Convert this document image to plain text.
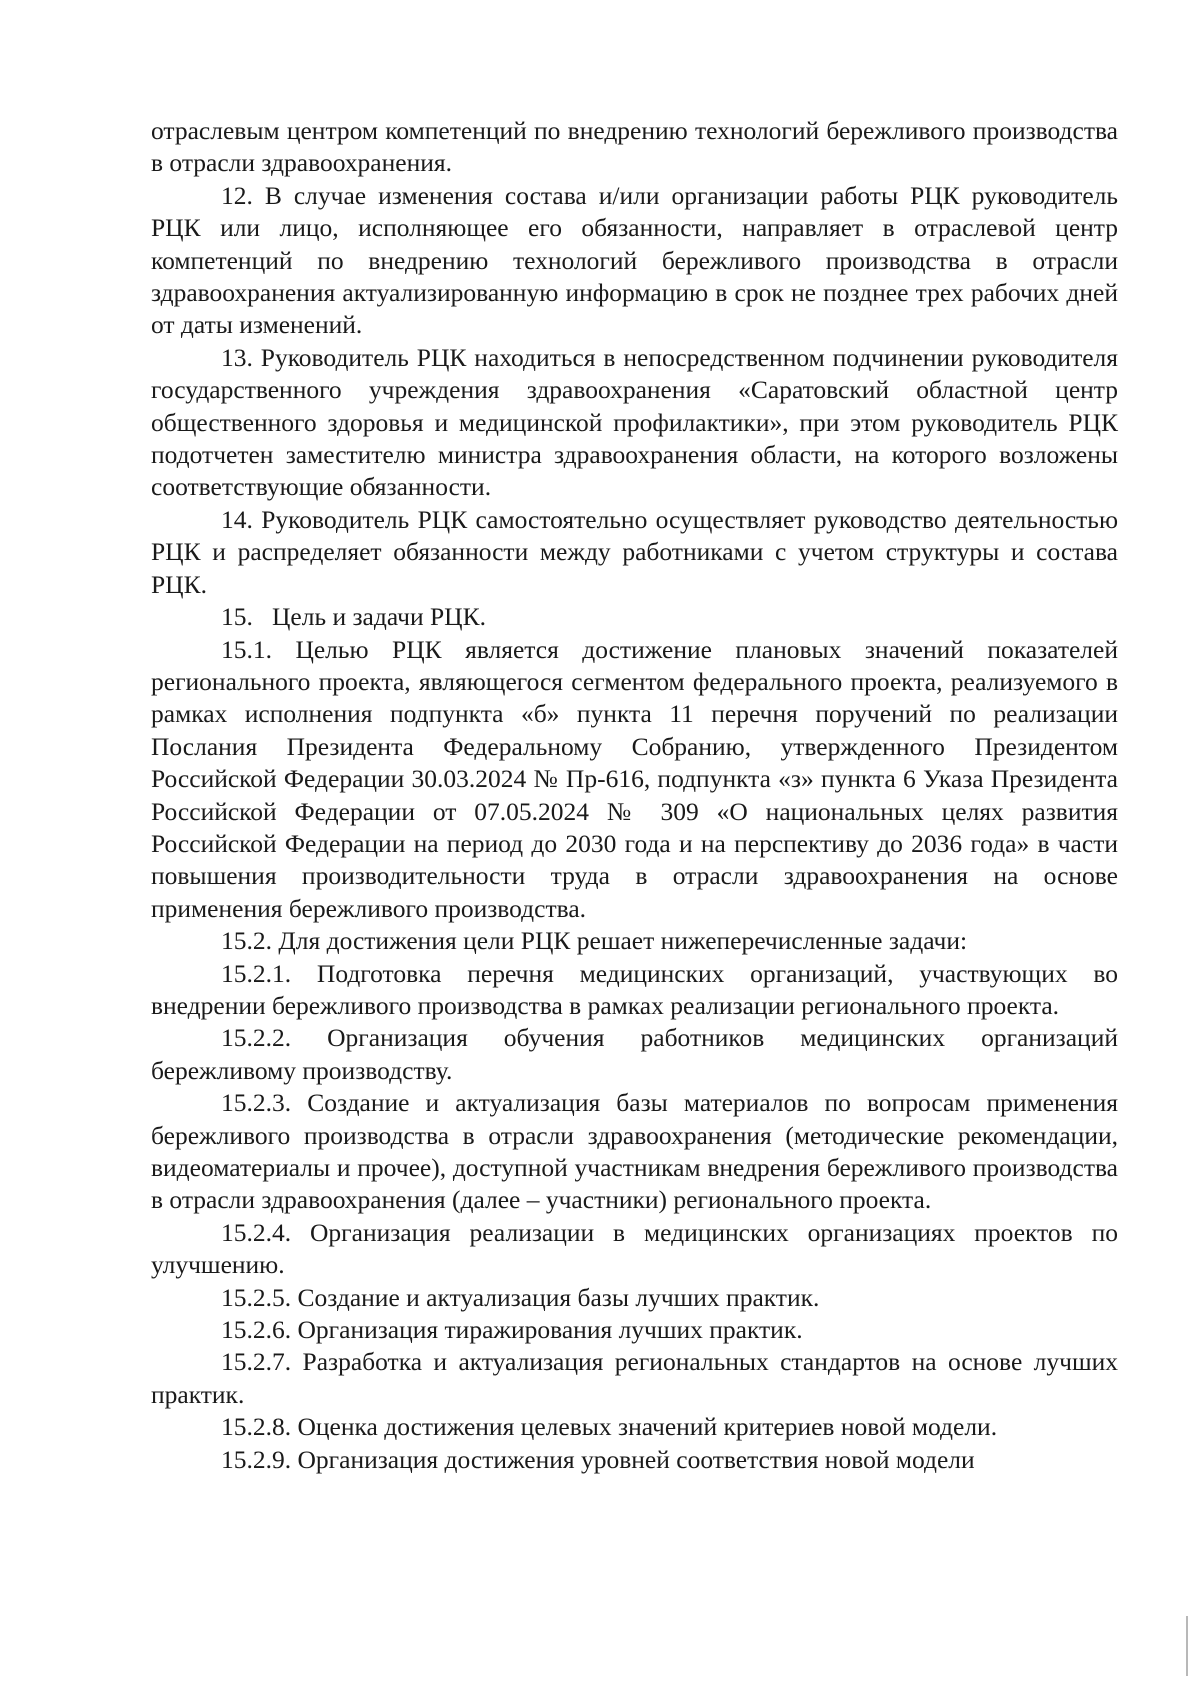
отраслевым центром компетенций по внедрению технологий бережливого производства в отрасли здравоохранения.

12. В случае изменения состава и/или организации работы РЦК руководитель РЦК или лицо, исполняющее его обязанности, направляет в отраслевой центр компетенций по внедрению технологий бережливого производства в отрасли здравоохранения актуализированную информацию в срок не позднее трех рабочих дней от даты изменений.

13. Руководитель РЦК находиться в непосредственном подчинении руководителя государственного учреждения здравоохранения «Саратовский областной центр общественного здоровья и медицинской профилактики», при этом руководитель РЦК подотчетен заместителю министра здравоохранения области, на которого возложены соответствующие обязанности.

14. Руководитель РЦК самостоятельно осуществляет руководство деятельностью РЦК и распределяет обязанности между работниками с учетом структуры и состава РЦК.

15.   Цель и задачи РЦК.

15.1. Целью РЦК является достижение плановых значений показателей регионального проекта, являющегося сегментом федерального проекта, реализуемого в рамках исполнения подпункта «б» пункта 11 перечня поручений по реализации Послания Президента Федеральному Собранию, утвержденного Президентом Российской Федерации 30.03.2024 № Пр-616, подпункта «з» пункта 6 Указа Президента Российской Федерации от 07.05.2024 № 309 «О национальных целях развития Российской Федерации на период до 2030 года и на перспективу до 2036 года» в части повышения производительности труда в отрасли здравоохранения на основе применения бережливого производства.

15.2. Для достижения цели РЦК решает нижеперечисленные задачи:

15.2.1. Подготовка перечня медицинских организаций, участвующих во внедрении бережливого производства в рамках реализации регионального проекта.

15.2.2. Организация обучения работников медицинских организаций бережливому производству.

15.2.3. Создание и актуализация базы материалов по вопросам применения бережливого производства в отрасли здравоохранения (методические рекомендации, видеоматериалы и прочее), доступной участникам внедрения бережливого производства в отрасли здравоохранения (далее – участники) регионального проекта.

15.2.4. Организация реализации в медицинских организациях проектов по улучшению.

15.2.5. Создание и актуализация базы лучших практик.

15.2.6. Организация тиражирования лучших практик.

15.2.7. Разработка и актуализация региональных стандартов на основе лучших практик.

15.2.8. Оценка достижения целевых значений критериев новой модели.

15.2.9. Организация достижения уровней соответствия новой модели
